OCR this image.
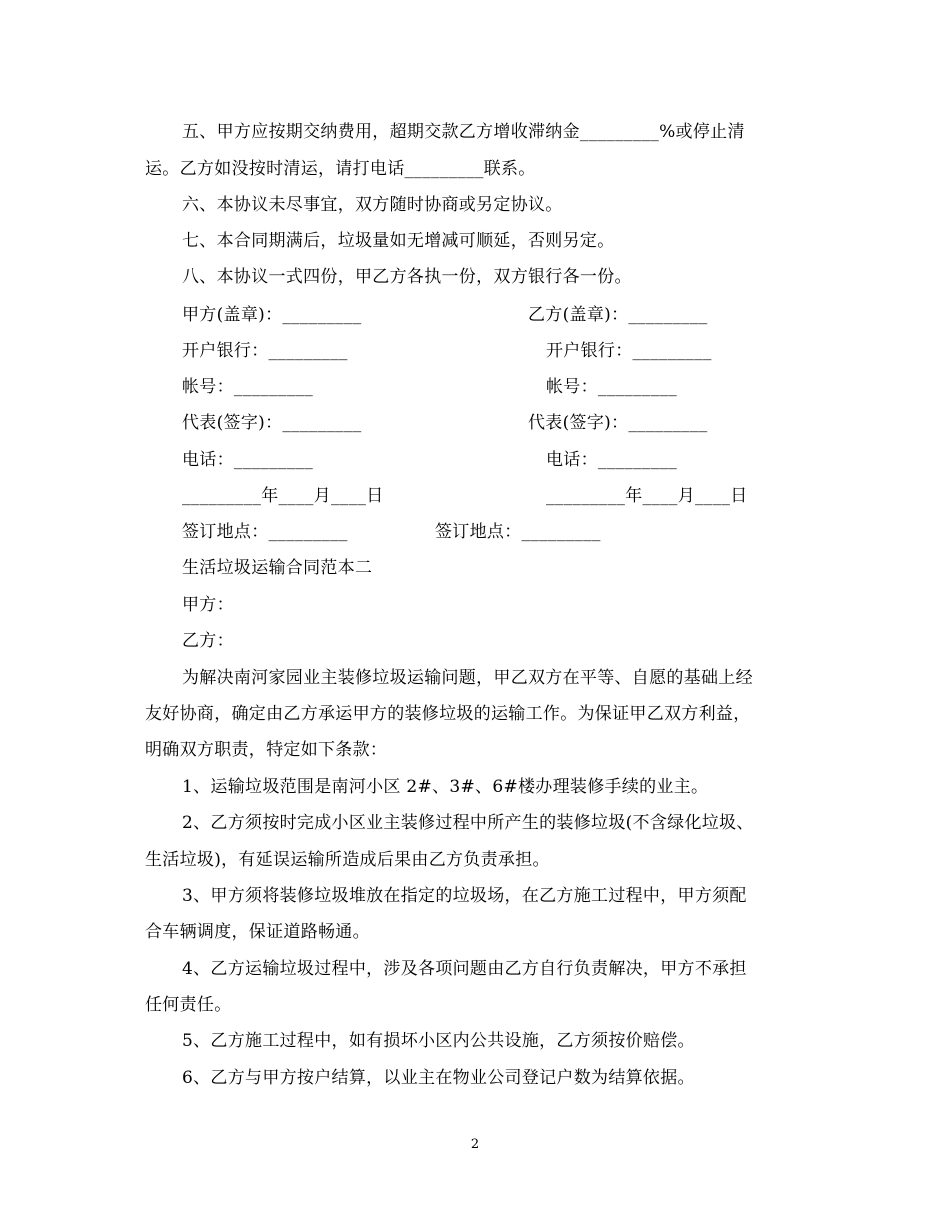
五、甲方应按期交纳费用，超期交款乙方增收滞纳金_________%或停止清
运。乙方如没按时清运，请打电话_________联系。
六、本协议未尽事宜，双方随时协商或另定协议。
七、本合同期满后，垃圾量如无增减可顺延，否则另定。
八、本协议一式四份，甲乙方各执一份，双方银行各一份。
甲方(盖章)：_________	乙方(盖章)：_________
开户银行：_________	开户银行：_________
帐号：_________	帐号：_________
代表(签字)：_________	代表(签字)：_________
电话：_________	电话：_________
_________年____月____日	_________年____月____日
签订地点：_________	签订地点：_________
生活垃圾运输合同范本二
甲方：
乙方：
为解决南河家园业主装修垃圾运输问题，甲乙双方在平等、自愿的基础上经
友好协商，确定由乙方承运甲方的装修垃圾的运输工作。为保证甲乙双方利益，
明确双方职责，特定如下条款：
1、运输垃圾范围是南河小区 2#、3#、6#楼办理装修手续的业主。
2、乙方须按时完成小区业主装修过程中所产生的装修垃圾(不含绿化垃圾、
生活垃圾)，有延误运输所造成后果由乙方负责承担。
3、甲方须将装修垃圾堆放在指定的垃圾场，在乙方施工过程中，甲方须配
合车辆调度，保证道路畅通。
4、乙方运输垃圾过程中，涉及各项问题由乙方自行负责解决，甲方不承担
任何责任。
5、乙方施工过程中，如有损坏小区内公共设施，乙方须按价赔偿。
6、乙方与甲方按户结算，以业主在物业公司登记户数为结算依据。
2
